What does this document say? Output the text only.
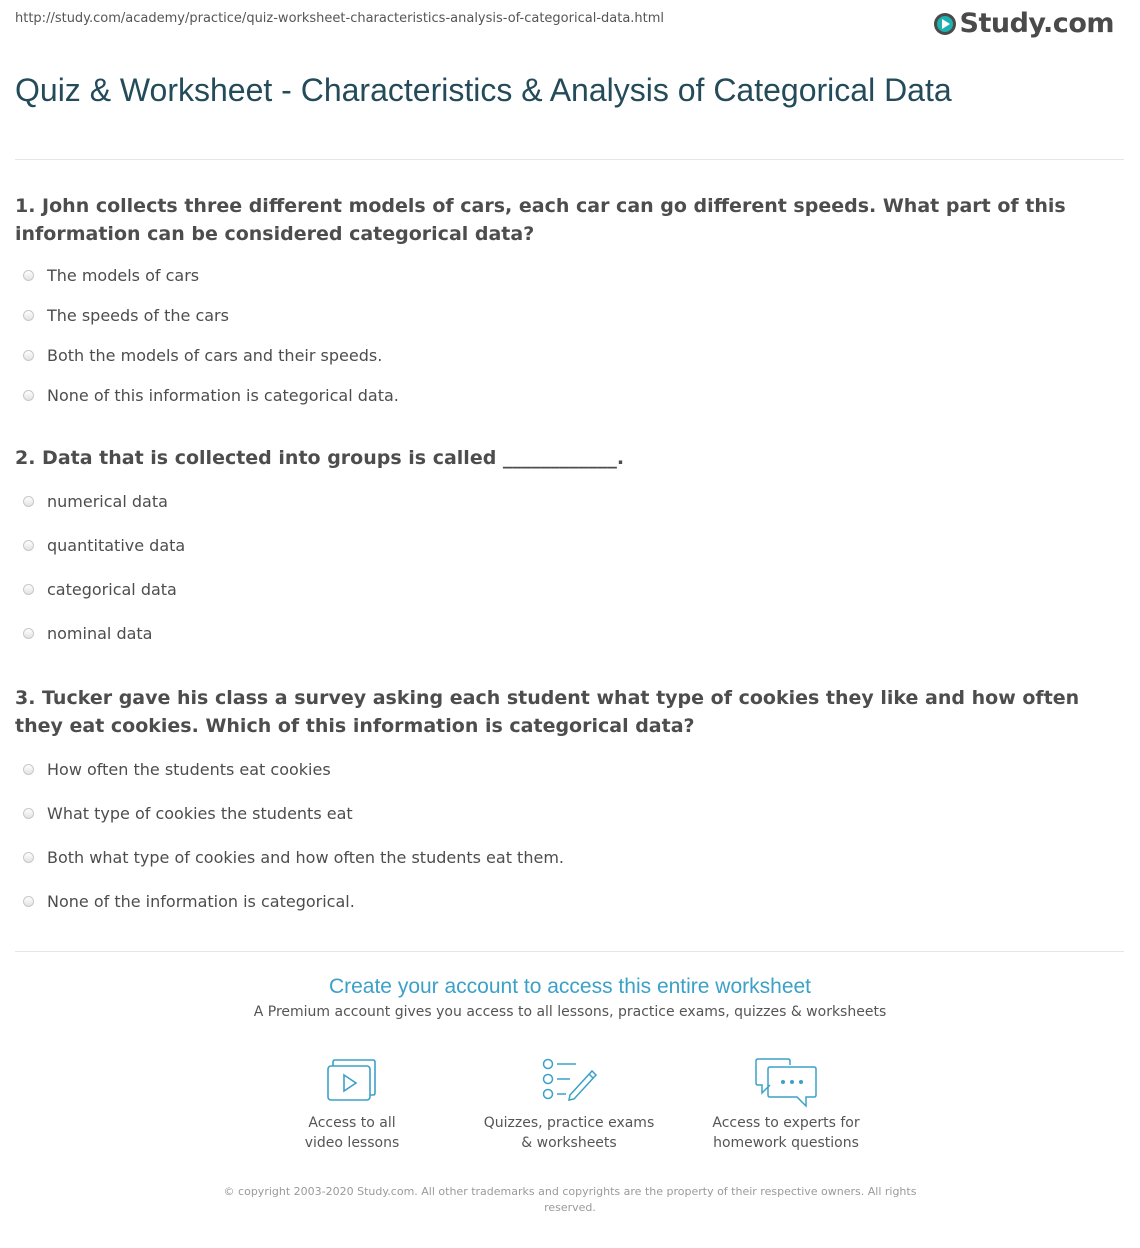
http://study.com/academy/practice/quiz-worksheet-characteristics-analysis-of-categorical-data.html	Study.com
Quiz & Worksheet - Characteristics & Analysis of Categorical Data
1. John collects three different models of cars, each car can go different speeds. What part of this information can be considered categorical data?
The models of cars
The speeds of the cars
Both the models of cars and their speeds.
None of this information is categorical data.
2. Data that is collected into groups is called ____________.
numerical data
quantitative data
categorical data
nominal data
3. Tucker gave his class a survey asking each student what type of cookies they like and how often they eat cookies. Which of this information is categorical data?
How often the students eat cookies
What type of cookies the students eat
Both what type of cookies and how often the students eat them.
None of the information is categorical.
Create your account to access this entire worksheet
A Premium account gives you access to all lessons, practice exams, quizzes & worksheets
Access to all
video lessons
Quizzes, practice exams
& worksheets
Access to experts for
homework questions
© copyright 2003-2020 Study.com. All other trademarks and copyrights are the property of their respective owners. All rights reserved.
